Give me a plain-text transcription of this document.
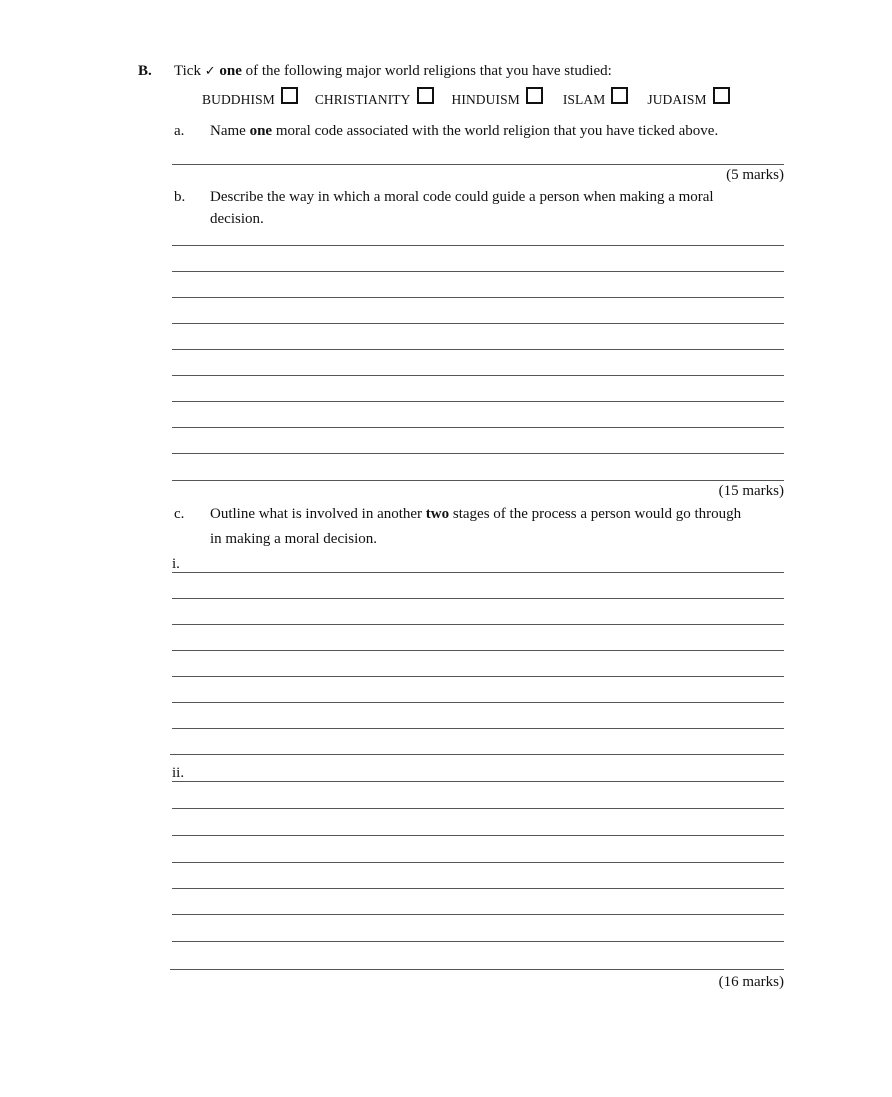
B. Tick ✓ one of the following major world religions that you have studied:
BUDDHISM	CHRISTIANITY	HINDUISM	ISLAM	JUDAISM
a. Name one moral code associated with the world religion that you have ticked above.
(5 marks)
b. Describe the way in which a moral code could guide a person when making a moral
decision.
(15 marks)
c. Outline what is involved in another two stages of the process a person would go through
in making a moral decision.
i.
ii.
(16 marks)
